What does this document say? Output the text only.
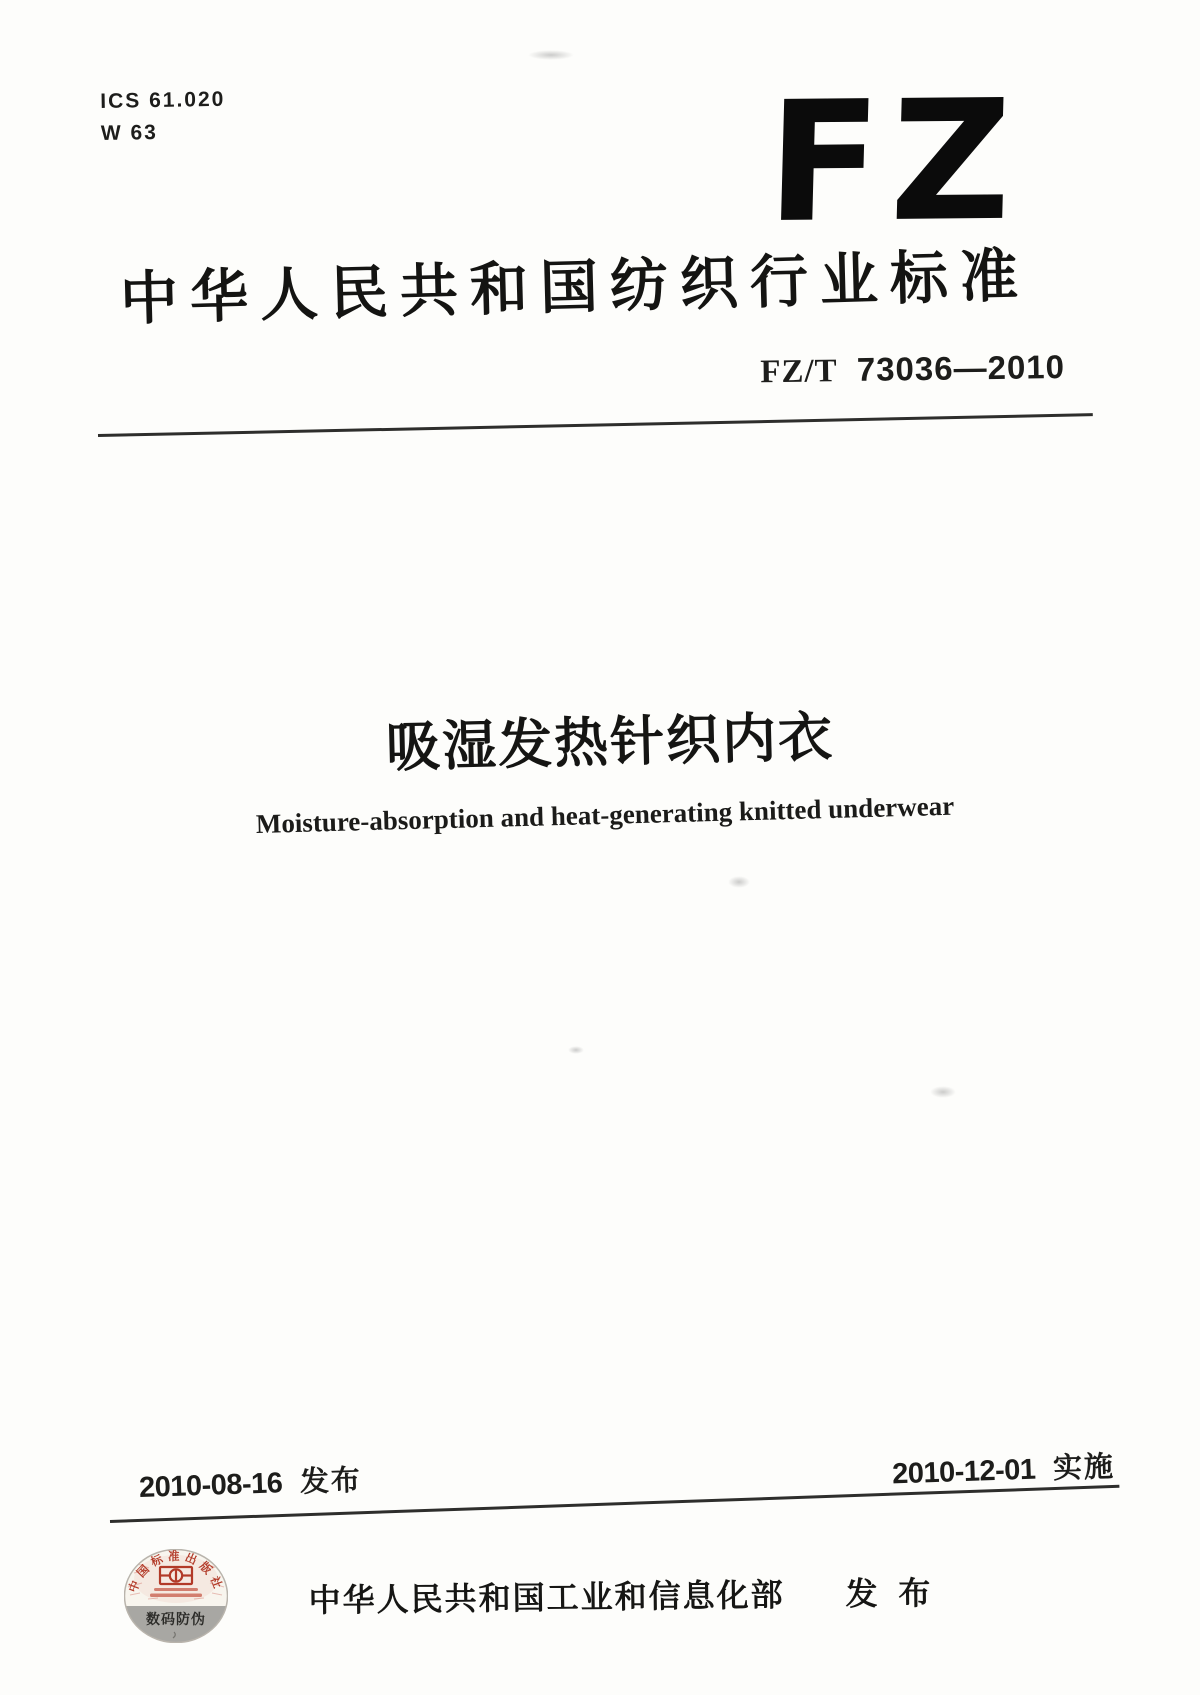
ICS 61.020
W 63	FZ
中华人民共和国纺织行业标准
FZ/T 73036—2010
吸湿发热针织内衣
Moisture-absorption and heat-generating knitted underwear
2010-08-16 发布	2010-12-01 实施
中华人民共和国工业和信息化部 发 布
中国标准出版社
数码防伪
